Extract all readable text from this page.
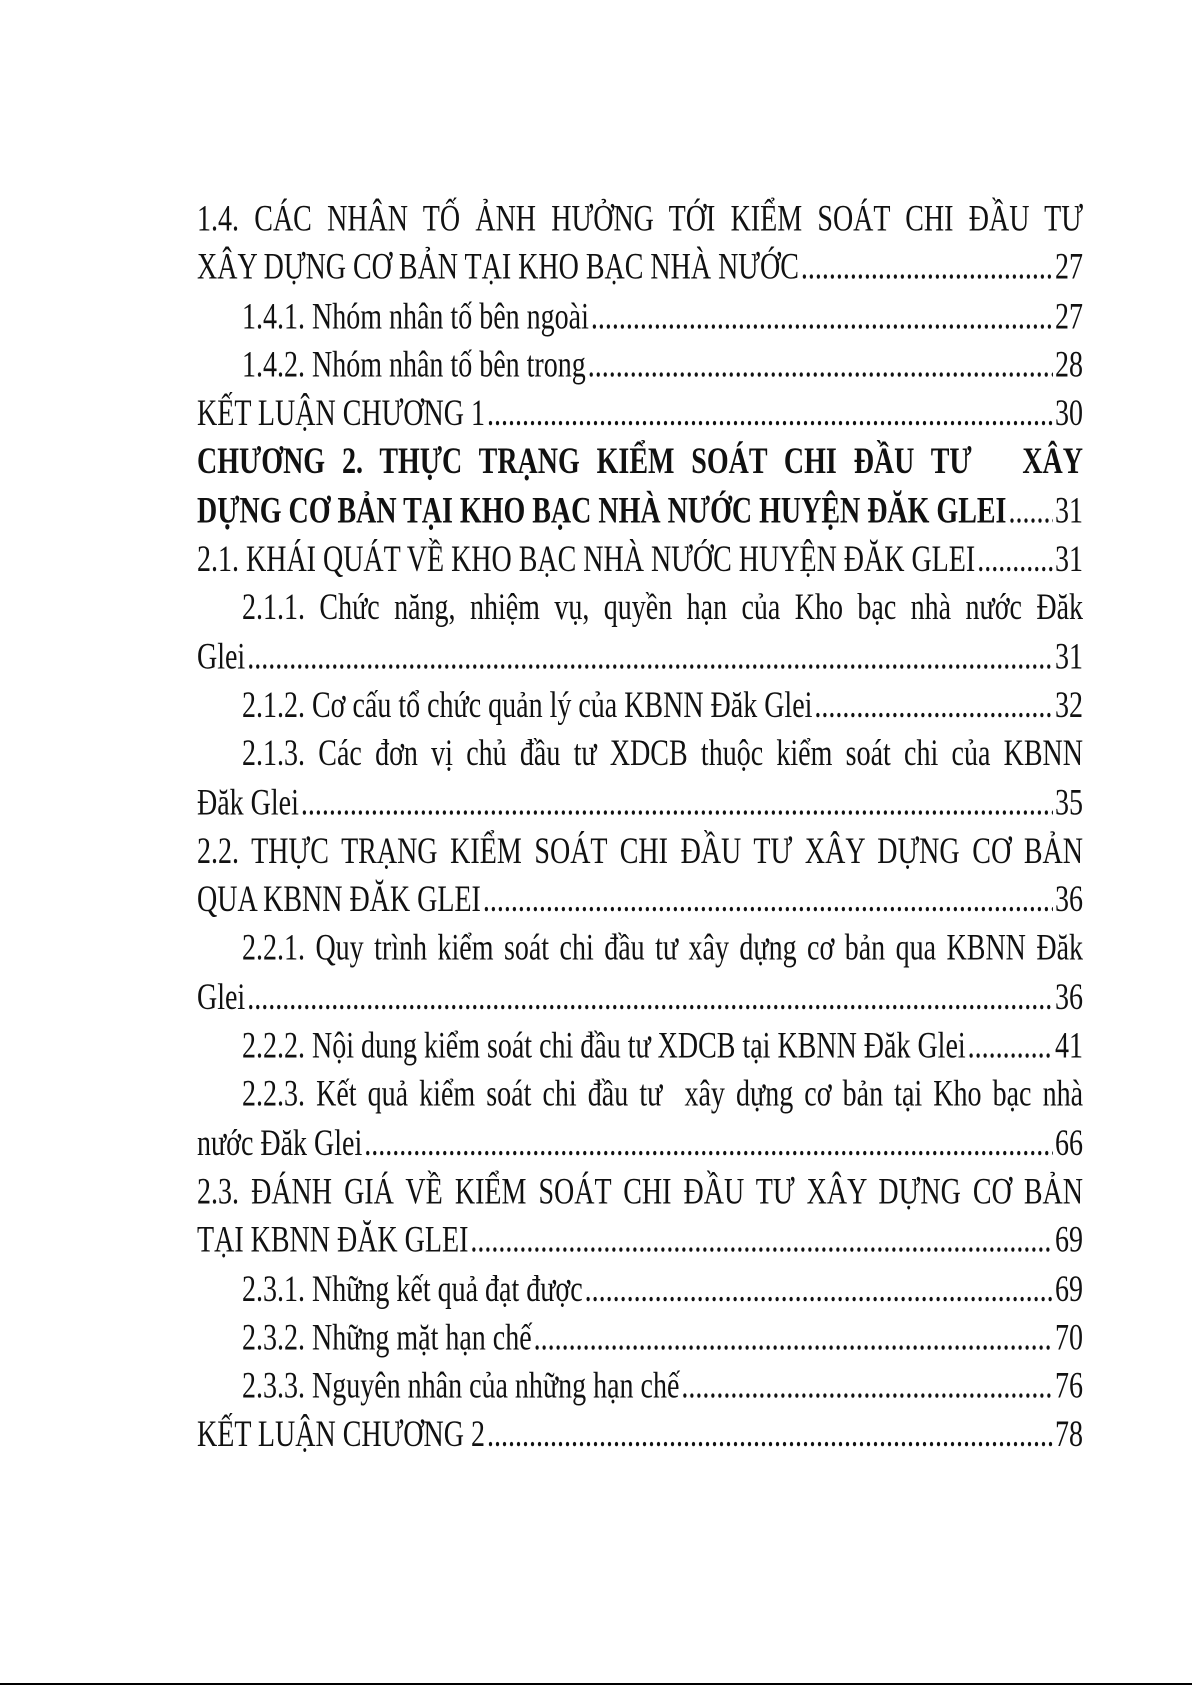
1.4. CÁC NHÂN TỐ ẢNH HƯỞNG TỚI KIỂM SOÁT CHI ĐẦU TƯ
XÂY DỰNG CƠ BẢN TẠI KHO BẠC NHÀ NƯỚC .....	27
1.4.1. Nhóm nhân tố bên ngoài .....	27
1.4.2. Nhóm nhân tố bên trong .....	28
KẾT LUẬN CHƯƠNG 1 .....	30
CHƯƠNG 2. THỰC TRẠNG KIỂM SOÁT CHI ĐẦU TƯ   XÂY
DỰNG CƠ BẢN TẠI KHO BẠC NHÀ NƯỚC HUYỆN ĐĂK GLEI ..... 31
2.1. KHÁI QUÁT VỀ KHO BẠC NHÀ NƯỚC HUYỆN ĐĂK GLEI .....	31
2.1.1. Chức năng, nhiệm vụ, quyền hạn của Kho bạc nhà nước Đăk
Glei .....	31
2.1.2. Cơ cấu tổ chức quản lý của KBNN Đăk Glei .....	32
2.1.3. Các đơn vị chủ đầu tư XDCB thuộc kiểm soát chi của KBNN
Đăk Glei .....	35
2.2. THỰC TRẠNG KIỂM SOÁT CHI ĐẦU TƯ XÂY DỰNG CƠ BẢN
QUA KBNN ĐĂK GLEI .....	36
2.2.1. Quy trình kiểm soát chi đầu tư xây dựng cơ bản qua KBNN Đăk
Glei .....	36
2.2.2. Nội dung kiểm soát chi đầu tư XDCB tại KBNN Đăk Glei .....	41
2.2.3. Kết quả kiểm soát chi đầu tư  xây dựng cơ bản tại Kho bạc nhà
nước Đăk Glei .....	66
2.3. ĐÁNH GIÁ VỀ KIỂM SOÁT CHI ĐẦU TƯ XÂY DỰNG CƠ BẢN
TẠI KBNN ĐĂK GLEI .....	69
2.3.1. Những kết quả đạt được .....	69
2.3.2. Những mặt hạn chế .....	70
2.3.3. Nguyên nhân của những hạn chế .....	76
KẾT LUẬN CHƯƠNG 2 .....	78
